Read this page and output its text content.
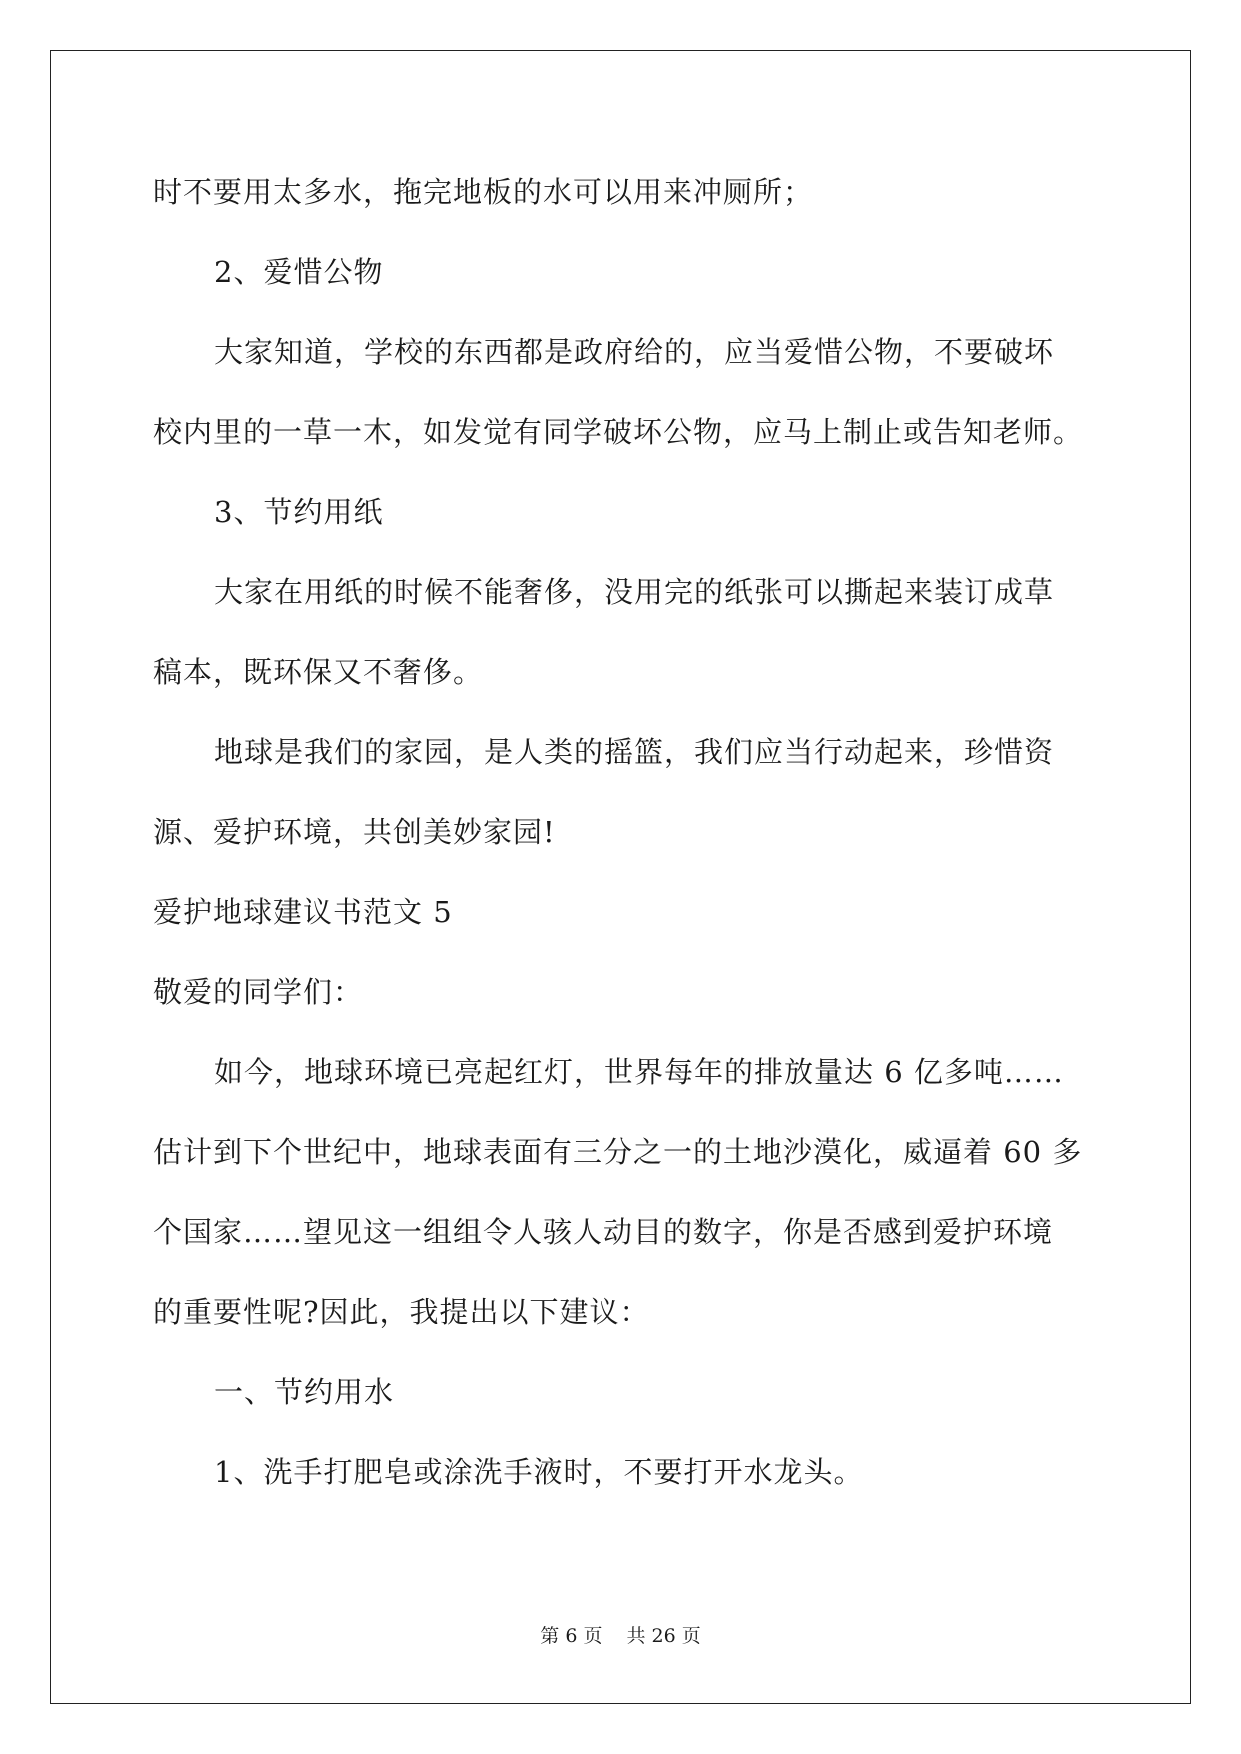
时不要用太多水，拖完地板的水可以用来冲厕所；
2、爱惜公物
大家知道，学校的东西都是政府给的，应当爱惜公物，不要破坏
校内里的一草一木，如发觉有同学破坏公物，应马上制止或告知老师。
3、节约用纸
大家在用纸的时候不能奢侈，没用完的纸张可以撕起来装订成草
稿本，既环保又不奢侈。
地球是我们的家园，是人类的摇篮，我们应当行动起来，珍惜资
源、爱护环境，共创美妙家园!
爱护地球建议书范文 5
敬爱的同学们：
如今，地球环境已亮起红灯，世界每年的排放量达 6 亿多吨……
估计到下个世纪中，地球表面有三分之一的土地沙漠化，威逼着 60 多
个国家……望见这一组组令人骇人动目的数字，你是否感到爱护环境
的重要性呢?因此，我提出以下建议：
一、节约用水
1、洗手打肥皂或涂洗手液时，不要打开水龙头。
第 6 页 共 26 页
